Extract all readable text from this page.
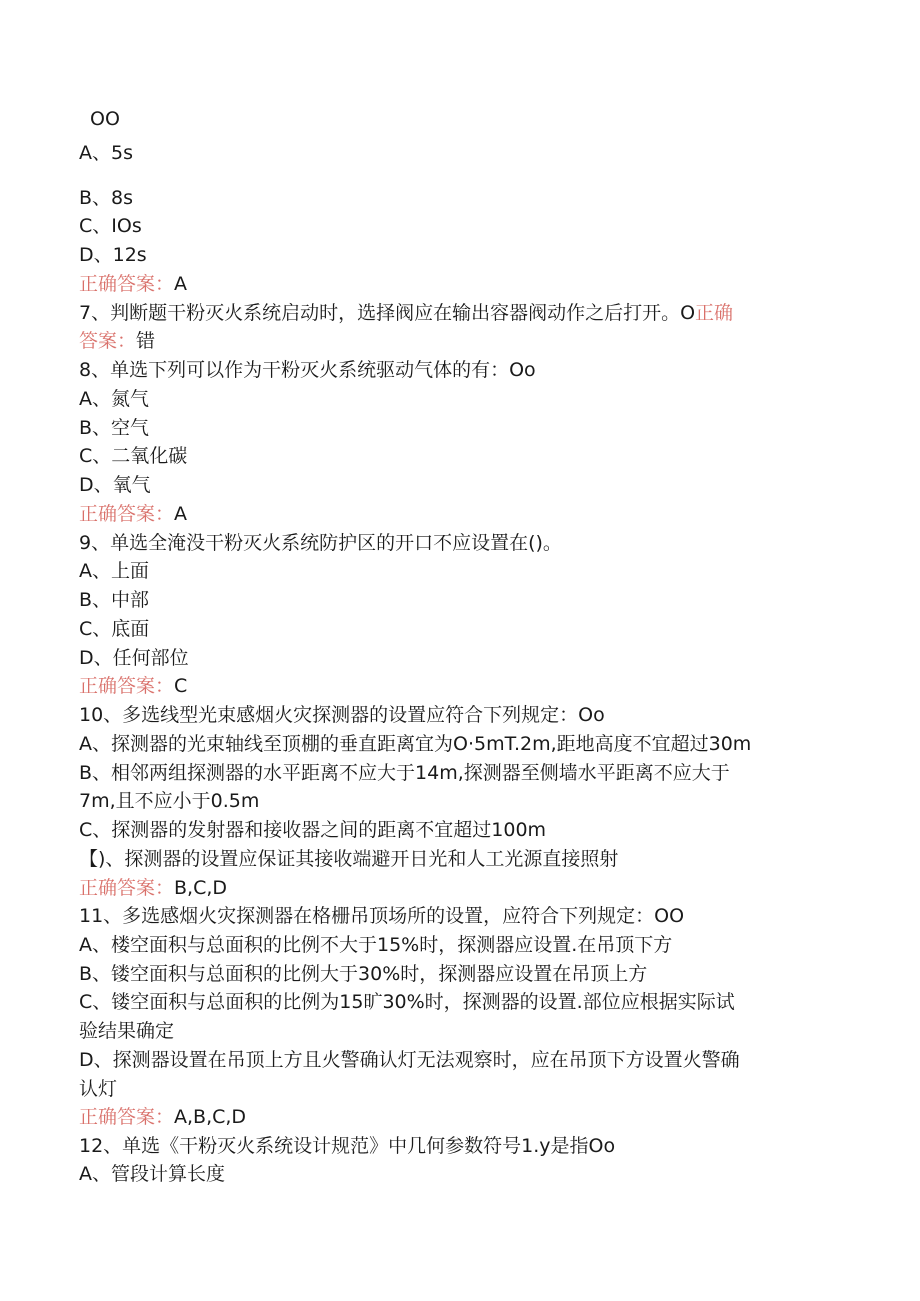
OO
A、5s
B、8s
C、IOs
D、12s
正确答案：A
7、判断题干粉灭火系统启动时，选择阀应在输出容器阀动作之后打开。O正确
答案：错
8、单选下列可以作为干粉灭火系统驱动气体的有：Oo
A、氮气
B、空气
C、二氧化碳
D、氧气
正确答案：A
9、单选全淹没干粉灭火系统防护区的开口不应设置在()。
A、上面
B、中部
C、底面
D、任何部位
正确答案：C
10、多选线型光束感烟火灾探测器的设置应符合下列规定：Oo
A、探测器的光束轴线至顶棚的垂直距离宜为O·5mT.2m,距地高度不宜超过30m
B、相邻两组探测器的水平距离不应大于14m,探测器至侧墙水平距离不应大于
7m,且不应小于0.5m
C、探测器的发射器和接收器之间的距离不宜超过100m
【)、探测器的设置应保证其接收端避开日光和人工光源直接照射
正确答案：B,C,D
11、多选感烟火灾探测器在格栅吊顶场所的设置，应符合下列规定：OO
A、楼空面积与总面积的比例不大于15%时，探测器应设置.在吊顶下方
B、镂空面积与总面积的比例大于30%时，探测器应设置在吊顶上方
C、镂空面积与总面积的比例为15旷30%时，探测器的设置.部位应根据实际试
验结果确定
D、探测器设置在吊顶上方且火警确认灯无法观察时，应在吊顶下方设置火警确
认灯
正确答案：A,B,C,D
12、单选《干粉灭火系统设计规范》中几何参数符号1.y是指Oo
A、管段计算长度
